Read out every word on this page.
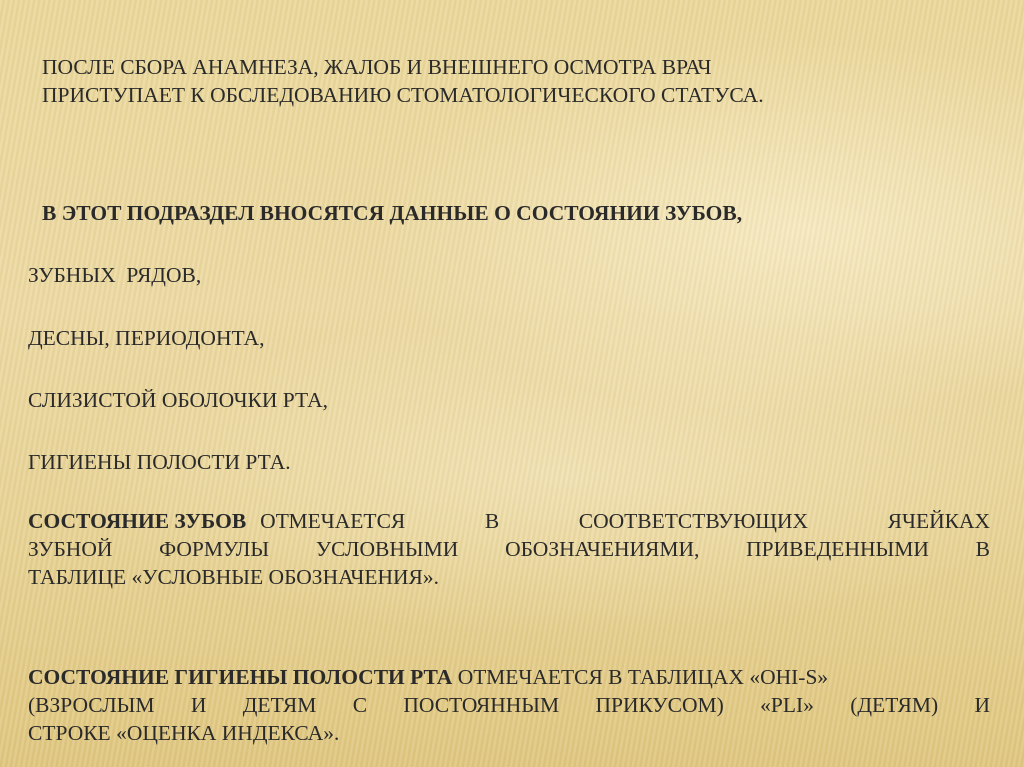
ПОСЛЕ СБОРА АНАМНЕЗА, ЖАЛОБ И ВНЕШНЕГО ОСМОТРА ВРАЧ
ПРИСТУПАЕТ К ОБСЛЕДОВАНИЮ СТОМАТОЛОГИЧЕСКОГО СТАТУСА.
В ЭТОТ ПОДРАЗДЕЛ ВНОСЯТСЯ ДАННЫЕ О СОСТОЯНИИ ЗУБОВ,
ЗУБНЫХ  РЯДОВ,
ДЕСНЫ, ПЕРИОДОНТА,
СЛИЗИСТОЙ ОБОЛОЧКИ РТА,
ГИГИЕНЫ ПОЛОСТИ РТА.
СОСТОЯНИЕ ЗУБОВ ОТМЕЧАЕТСЯ В СООТВЕТСТВУЮЩИХ ЯЧЕЙКАХ
ЗУБНОЙ ФОРМУЛЫ УСЛОВНЫМИ ОБОЗНАЧЕНИЯМИ, ПРИВЕДЕННЫМИ В
ТАБЛИЦЕ «УСЛОВНЫЕ ОБОЗНАЧЕНИЯ».
СОСТОЯНИЕ ГИГИЕНЫ ПОЛОСТИ РТА ОТМЕЧАЕТСЯ В ТАБЛИЦАХ «OHI-S»
(ВЗРОСЛЫМ И ДЕТЯМ С ПОСТОЯННЫМ ПРИКУСОМ) «PLI» (ДЕТЯМ) И
СТРОКЕ «ОЦЕНКА ИНДЕКСА».
